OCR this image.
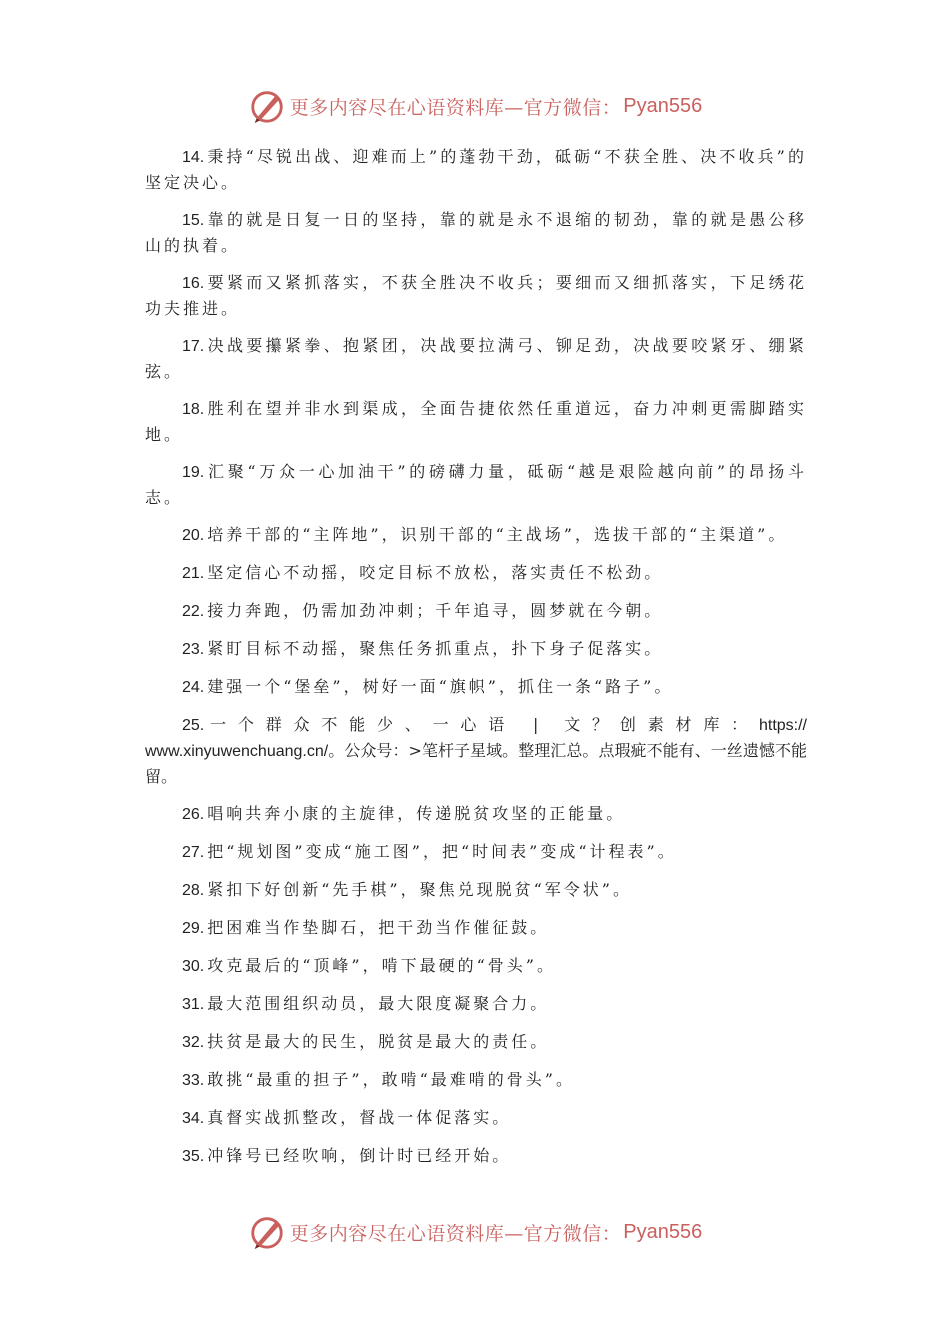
更多内容尽在心语资料库—官方微信： Pyan556

14. 秉持“尽锐出战、迎难而上”的蓬勃干劲，砥砺“不获全胜、决不收兵”的坚定决心。

15. 靠的就是日复一日的坚持，靠的就是永不退缩的韧劲，靠的就是愚公移山的执着。

16. 要紧而又紧抓落实，不获全胜决不收兵；要细而又细抓落实，下足绣花功夫推进。

17. 决战要攥紧拳、抱紧团，决战要拉满弓、铆足劲，决战要咬紧牙、绷紧弦。

18. 胜利在望并非水到渠成，全面告捷依然任重道远，奋力冲刺更需脚踏实地。

19. 汇聚“万众一心加油干”的磅礴力量，砥砺“越是艰险越向前”的昂扬斗志。

20. 培养干部的“主阵地”，识别干部的“主战场”，选拔干部的“主渠道”。

21. 坚定信心不动摇，咬定目标不放松，落实责任不松劲。

22. 接力奔跑，仍需加劲冲刺；千年追寻，圆梦就在今朝。

23. 紧盯目标不动摇，聚焦任务抓重点，扑下身子促落实。

24. 建强一个“堡垒”，树好一面“旗帜”，抓住一条“路子”。

25. 一个群众不能少、一心语 | 文？创素材库：https:// www.xinyuwenchuang.cn/。公众号：>笔杆子星域。整理汇总。点瑕疵不能有、一丝遗憾不能留。

26. 唱响共奔小康的主旋律，传递脱贫攻坚的正能量。

27. 把“规划图”变成“施工图”，把“时间表”变成“计程表”。

28. 紧扣下好创新“先手棋”，聚焦兑现脱贫“军令状”。

29. 把困难当作垫脚石，把干劲当作催征鼓。

30. 攻克最后的“顶峰”，啃下最硬的“骨头”。

31. 最大范围组织动员，最大限度凝聚合力。

32. 扶贫是最大的民生，脱贫是最大的责任。

33. 敢挑“最重的担子”，敢啃“最难啃的骨头”。

34. 真督实战抓整改，督战一体促落实。

35. 冲锋号已经吹响，倒计时已经开始。

更多内容尽在心语资料库—官方微信： Pyan556
